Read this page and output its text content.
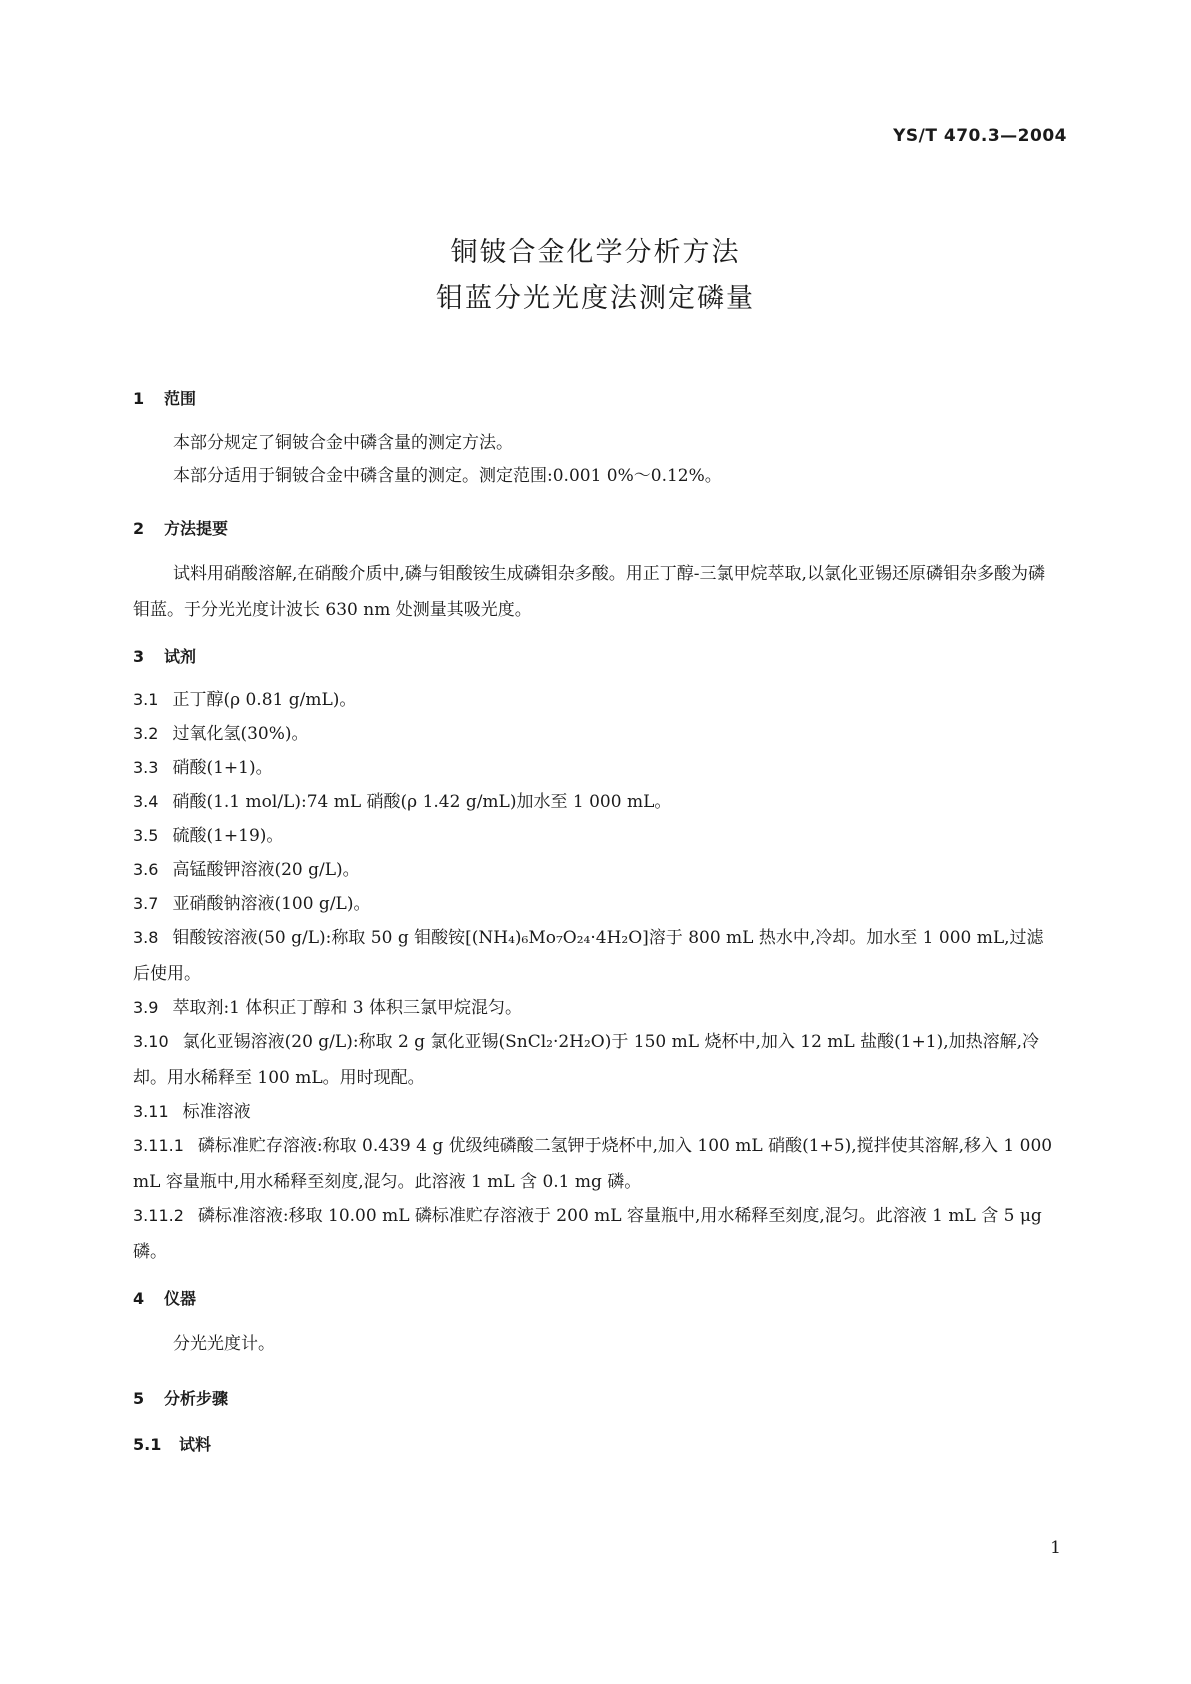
YS/T 470.3—2004
铜铍合金化学分析方法
钼蓝分光光度法测定磷量
1 范围
本部分规定了铜铍合金中磷含量的测定方法。
本部分适用于铜铍合金中磷含量的测定。测定范围:0.001 0%～0.12%。
2 方法提要
试料用硝酸溶解,在硝酸介质中,磷与钼酸铵生成磷钼杂多酸。用正丁醇-三氯甲烷萃取,以氯化亚锡还原磷钼杂多酸为磷钼蓝。于分光光度计波长 630 nm 处测量其吸光度。
3 试剂
3.1 正丁醇(ρ 0.81 g/mL)。
3.2 过氧化氢(30%)。
3.3 硝酸(1+1)。
3.4 硝酸(1.1 mol/L):74 mL 硝酸(ρ 1.42 g/mL)加水至 1 000 mL。
3.5 硫酸(1+19)。
3.6 高锰酸钾溶液(20 g/L)。
3.7 亚硝酸钠溶液(100 g/L)。
3.8 钼酸铵溶液(50 g/L):称取 50 g 钼酸铵[(NH₄)₆Mo₇O₂₄·4H₂O]溶于 800 mL 热水中,冷却。加水至 1 000 mL,过滤后使用。
3.9 萃取剂:1 体积正丁醇和 3 体积三氯甲烷混匀。
3.10 氯化亚锡溶液(20 g/L):称取 2 g 氯化亚锡(SnCl₂·2H₂O)于 150 mL 烧杯中,加入 12 mL 盐酸(1+1),加热溶解,冷却。用水稀释至 100 mL。用时现配。
3.11 标准溶液
3.11.1 磷标准贮存溶液:称取 0.439 4 g 优级纯磷酸二氢钾于烧杯中,加入 100 mL 硝酸(1+5),搅拌使其溶解,移入 1 000 mL 容量瓶中,用水稀释至刻度,混匀。此溶液 1 mL 含 0.1 mg 磷。
3.11.2 磷标准溶液:移取 10.00 mL 磷标准贮存溶液于 200 mL 容量瓶中,用水稀释至刻度,混匀。此溶液 1 mL 含 5 μg 磷。
4 仪器
分光光度计。
5 分析步骤
5.1 试料
1
